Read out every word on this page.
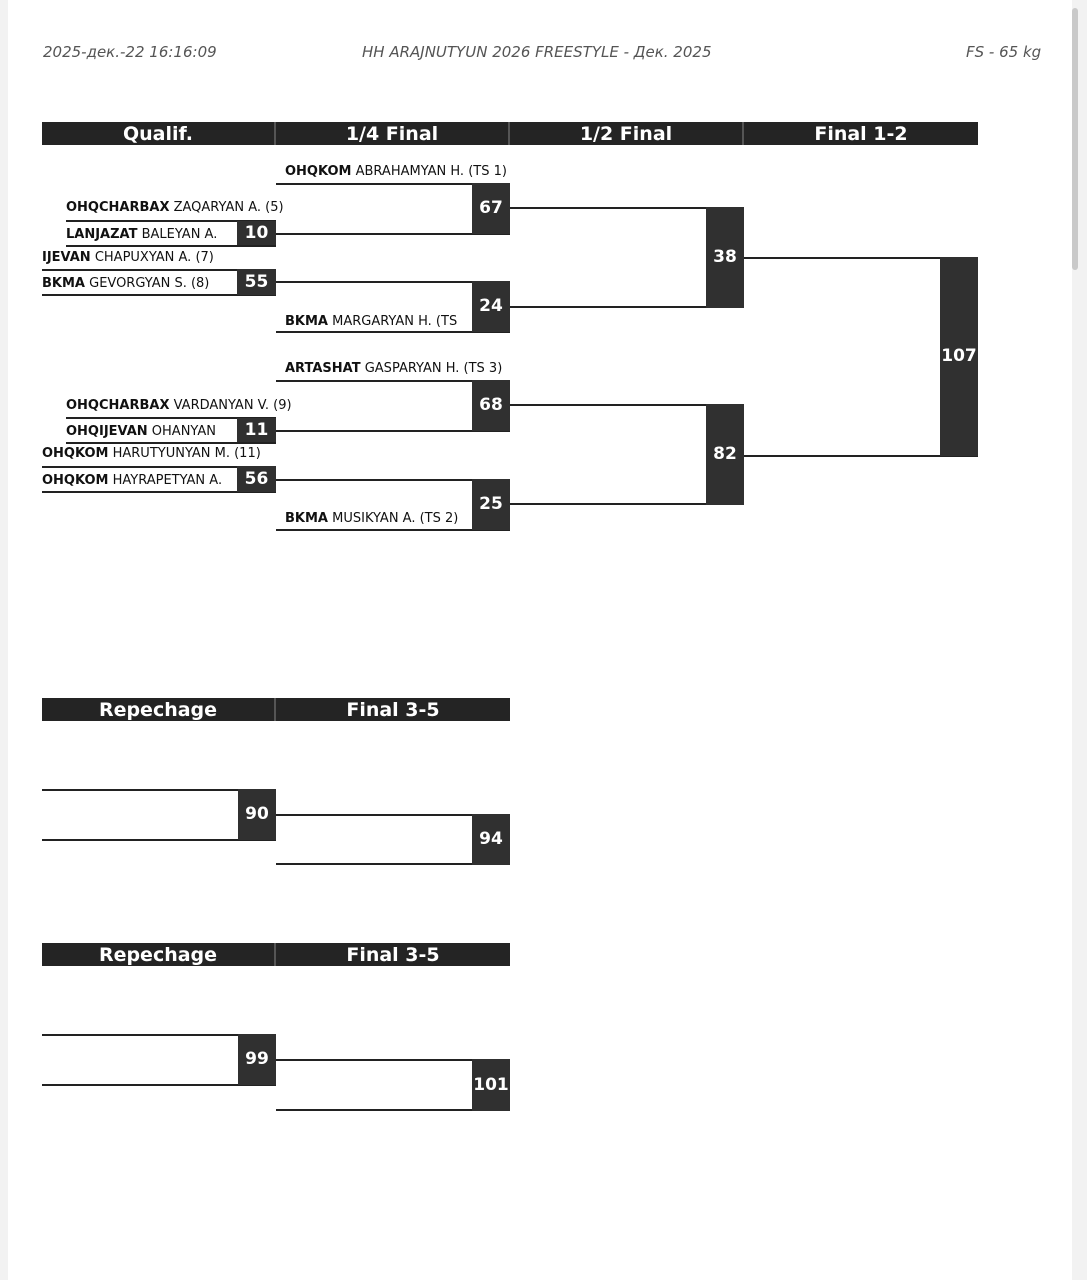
2025-дек.-22 16:16:09	HH ARAJNUTYUN 2026 FREESTYLE - Дек. 2025	FS - 65 kg
Qualif.	1/4 Final	1/2 Final	Final 1-2
OHQKOM ABRAHAMYAN H. (TS 1)
OHQCHARBAX ZAQARYAN A. (5)
LANJAZAT BALEYAN A.	10
67
IJEVAN CHAPUXYAN A. (7)
BKMA GEVORGYAN S. (8)	55
BKMA MARGARYAN H. (TS
24
38
ARTASHAT GASPARYAN H. (TS 3)
OHQCHARBAX VARDANYAN V. (9)
OHQIJEVAN OHANYAN	11
68
OHQKOM HARUTYUNYAN M. (11)
OHQKOM HAYRAPETYAN A.	56
BKMA MUSIKYAN A. (TS 2)
25
82
107
Repechage	Final 3-5
90
94
Repechage	Final 3-5
99
101
